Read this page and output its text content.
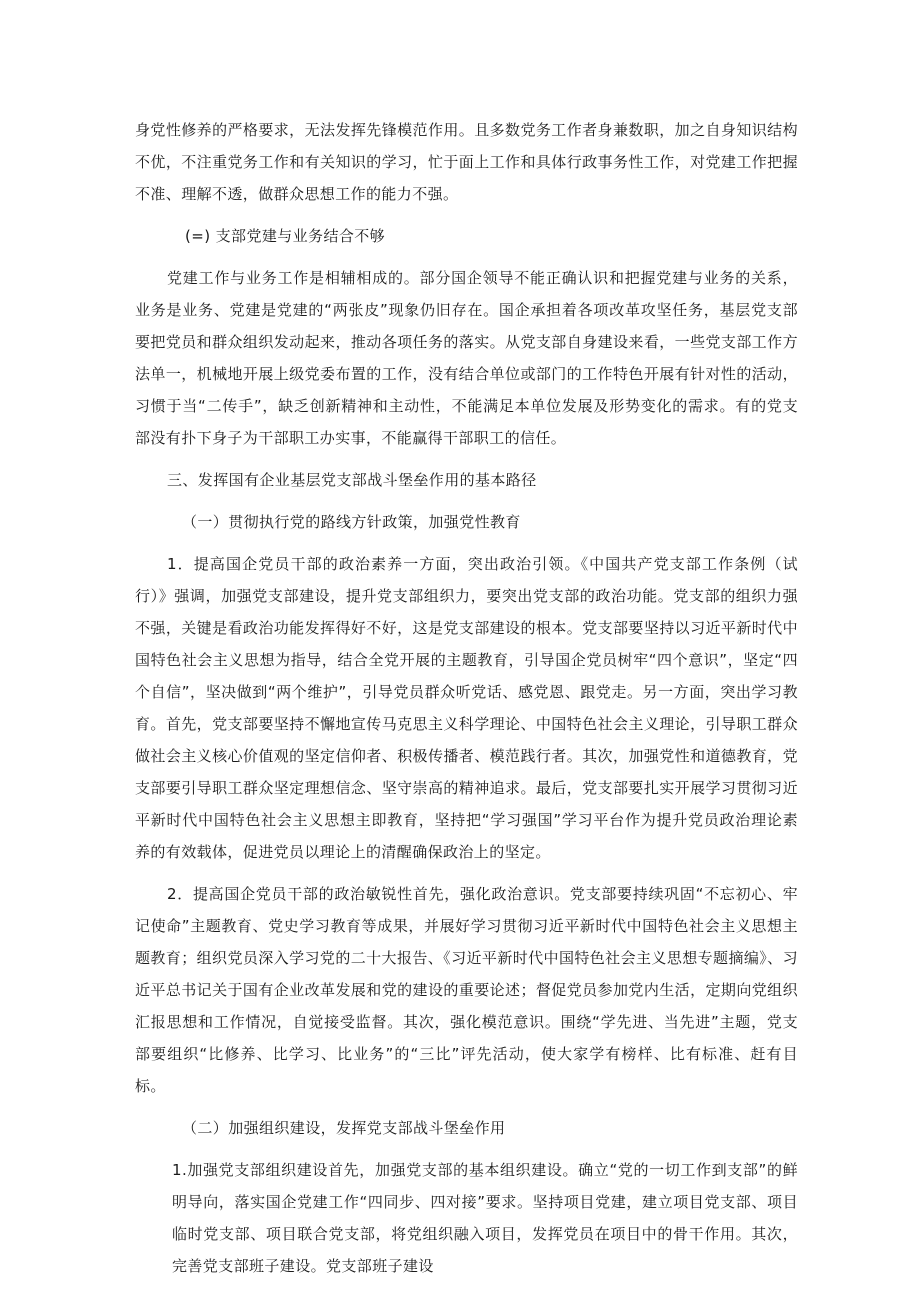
身党性修养的严格要求，无法发挥先锋模范作用。且多数党务工作者身兼数职，加之自身知识结构不优，不注重党务工作和有关知识的学习，忙于面上工作和具体行政事务性工作，对党建工作把握不准、理解不透，做群众思想工作的能力不强。

(=) 支部党建与业务结合不够

党建工作与业务工作是相辅相成的。部分国企领导不能正确认识和把握党建与业务的关系，业务是业务、党建是党建的“两张皮”现象仍旧存在。国企承担着各项改革攻坚任务，基层党支部要把党员和群众组织发动起来，推动各项任务的落实。从党支部自身建设来看，一些党支部工作方法单一，机械地开展上级党委布置的工作，没有结合单位或部门的工作特色开展有针对性的活动，习惯于当“二传手”，缺乏创新精神和主动性，不能满足本单位发展及形势变化的需求。有的党支部没有扑下身子为干部职工办实事，不能赢得干部职工的信任。

三、发挥国有企业基层党支部战斗堡垒作用的基本路径

（一）贯彻执行党的路线方针政策，加强党性教育

1．提高国企党员干部的政治素养一方面，突出政治引领。《中国共产党支部工作条例（试行）》强调，加强党支部建设，提升党支部组织力，要突出党支部的政治功能。党支部的组织力强不强，关键是看政治功能发挥得好不好，这是党支部建设的根本。党支部要坚持以习近平新时代中国特色社会主义思想为指导，结合全党开展的主题教育，引导国企党员树牢“四个意识”，坚定“四个自信”，坚决做到“两个维护”，引导党员群众听党话、感党恩、跟党走。另一方面，突出学习教育。首先，党支部要坚持不懈地宣传马克思主义科学理论、中国特色社会主义理论，引导职工群众做社会主义核心价值观的坚定信仰者、积极传播者、模范践行者。其次，加强党性和道德教育，党支部要引导职工群众坚定理想信念、坚守崇高的精神追求。最后，党支部要扎实开展学习贯彻习近平新时代中国特色社会主义思想主即教育，坚持把“学习强国”学习平台作为提升党员政治理论素养的有效载体，促进党员以理论上的清醒确保政治上的坚定。

2．提高国企党员干部的政治敏锐性首先，强化政治意识。党支部要持续巩固“不忘初心、牢记使命”主题教育、党史学习教育等成果，并展好学习贯彻习近平新时代中国特色社会主义思想主题教育；组织党员深入学习党的二十大报告、《习近平新时代中国特色社会主义思想专题摘编》、习近平总书记关于国有企业改革发展和党的建设的重要论述；督促党员参加党内生活，定期向党组织汇报思想和工作情况，自觉接受监督。其次，强化模范意识。围绕“学先进、当先进”主题，党支部要组织“比修养、比学习、比业务”的“三比”评先活动，使大家学有榜样、比有标准、赶有目标。

（二）加强组织建设，发挥党支部战斗堡垒作用

1.加强党支部组织建设首先，加强党支部的基本组织建设。确立“党的一切工作到支部”的鲜明导向，落实国企党建工作“四同步、四对接”要求。坚持项目党建，建立项目党支部、项目临时党支部、项目联合党支部，将党组织融入项目，发挥党员在项目中的骨干作用。其次，完善党支部班子建设。党支部班子建设
